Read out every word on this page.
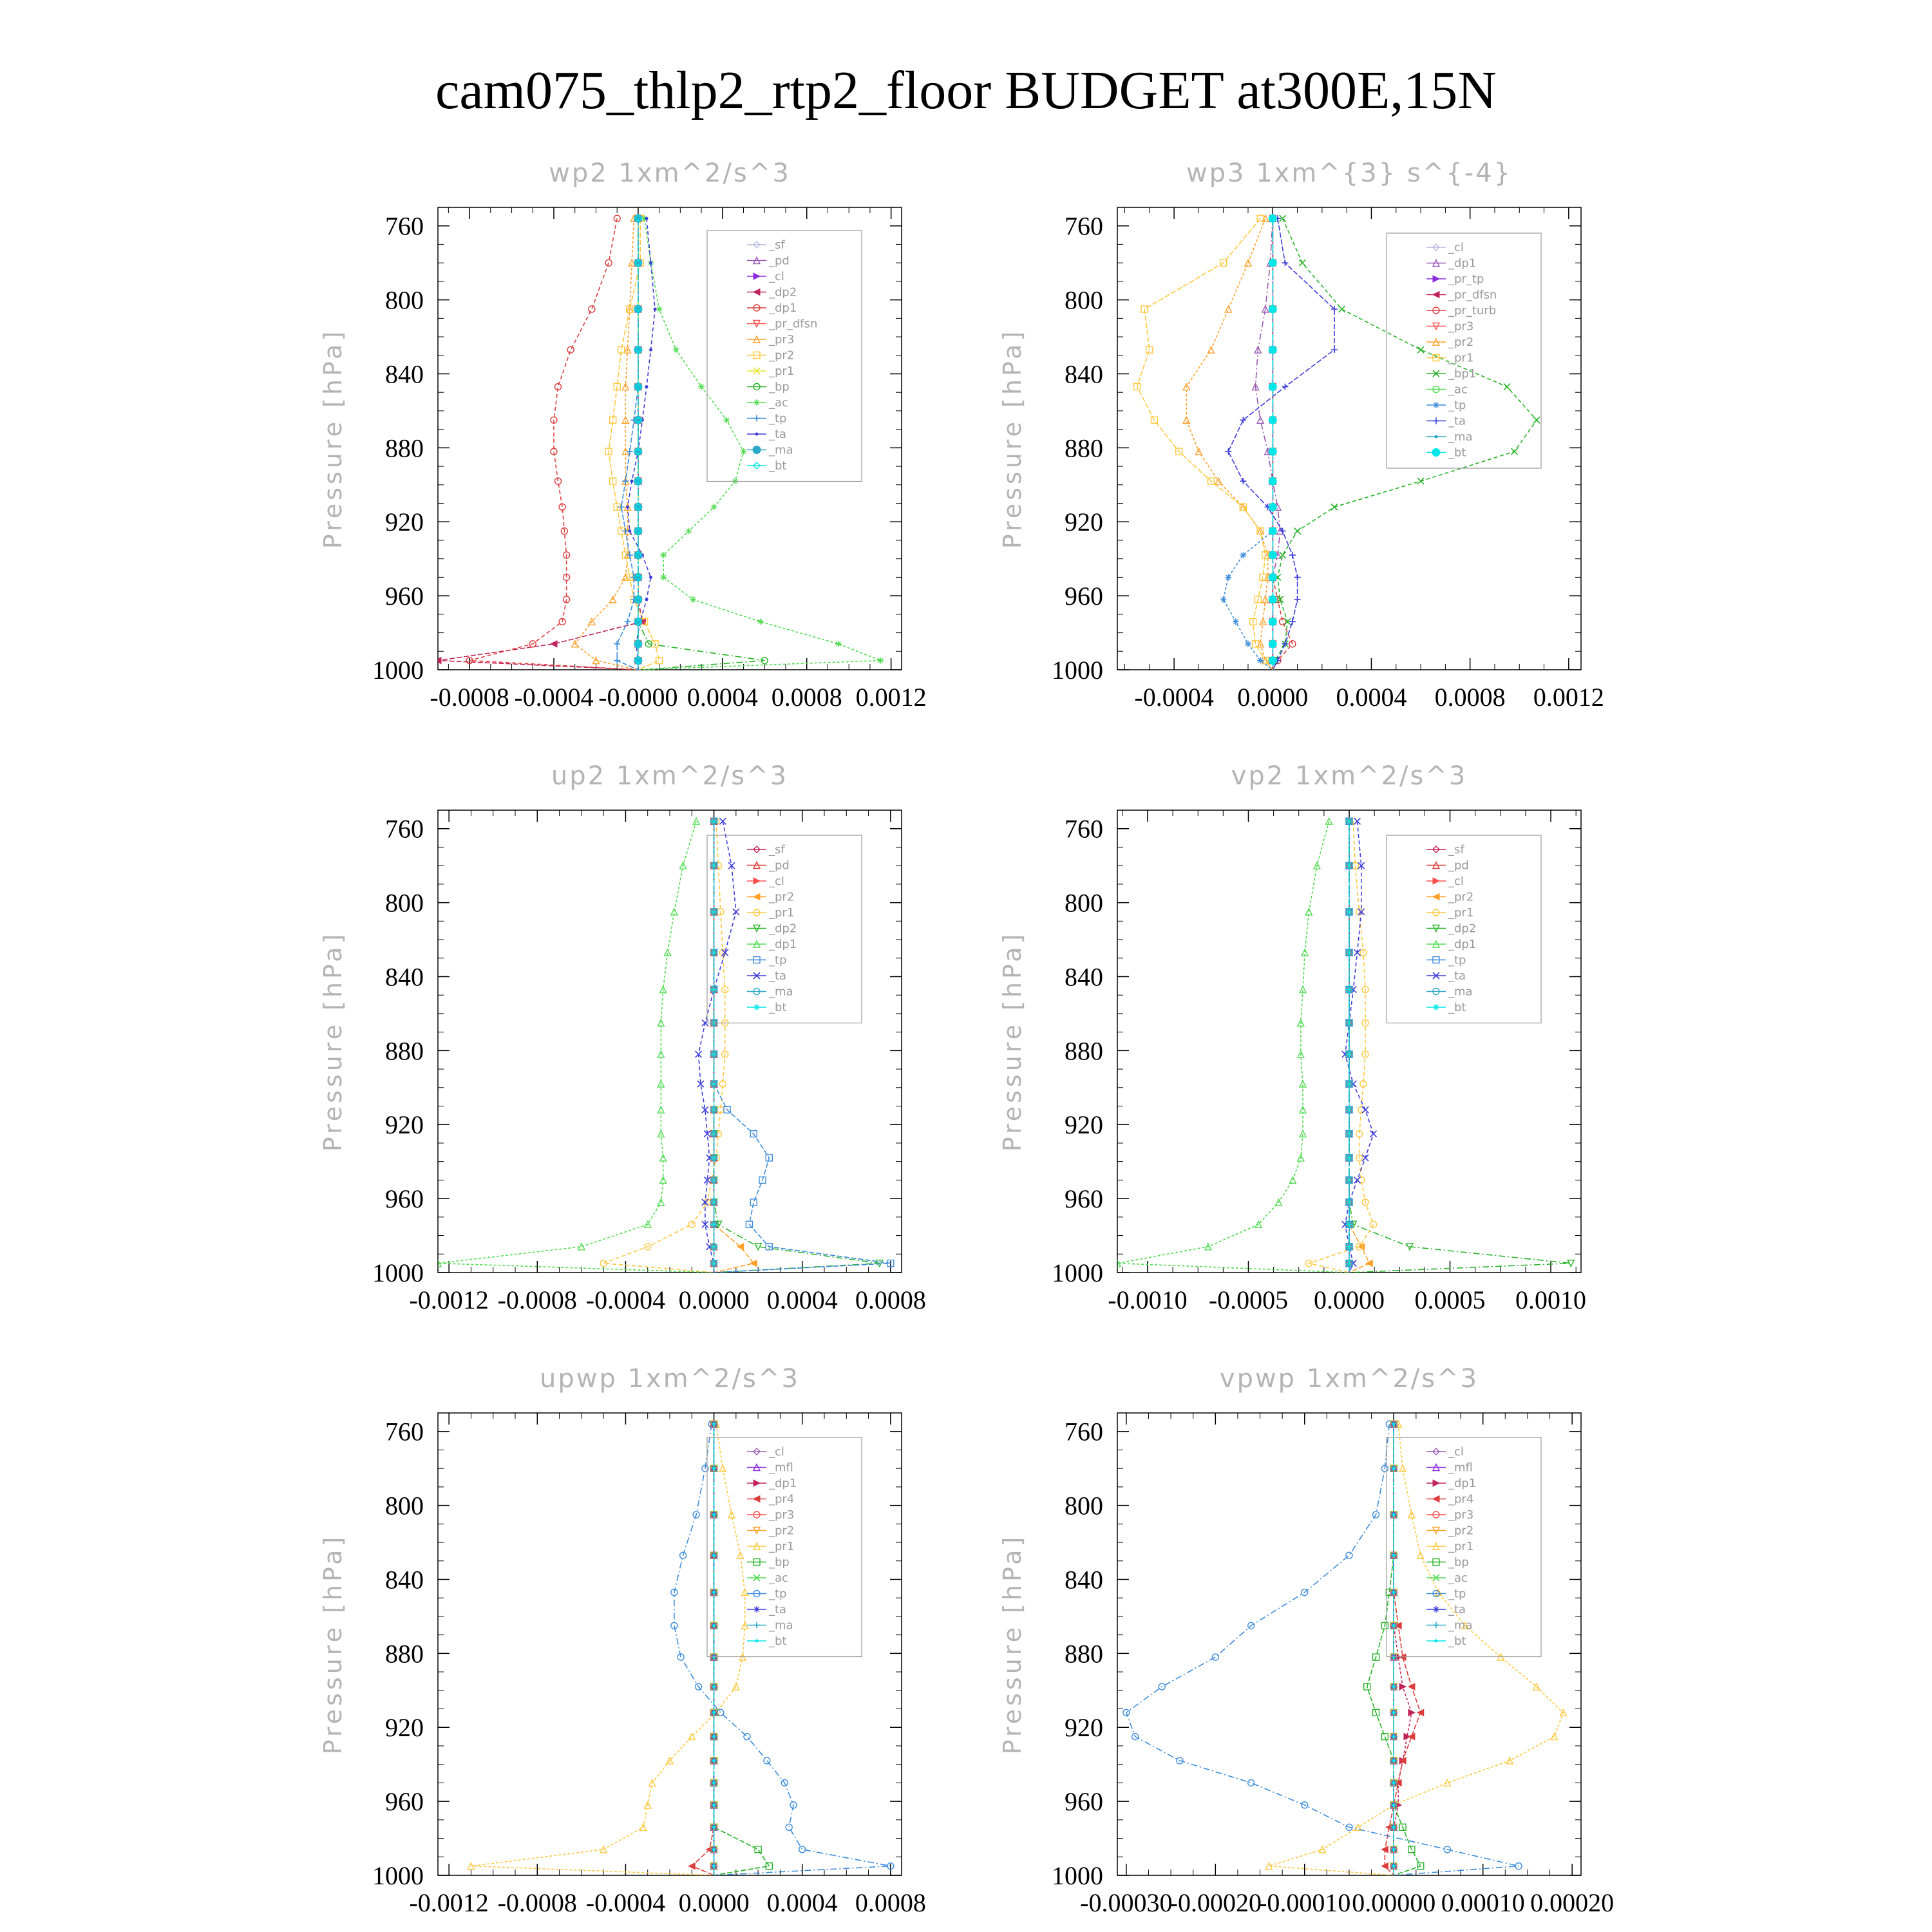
cam075_thlp2_rtp2_floor BUDGET at300E,15N
wp2 1xm^2/s^3
Pressure [hPa]
760
800
840
880
920
960
1000
-0.0008 -0.0004 -0.0000 0.0004 0.0008 0.0012
_sf
_pd
_cl
_dp2
_dp1
_pr_dfsn
_pr3
_pr2
_pr1
_bp
_ac
_tp
_ta
_ma
_bt
wp3 1xm^{3} s^{-4}
Pressure [hPa]
760
800
840
880
920
960
1000
-0.0004 0.0000 0.0004 0.0008 0.0012
_cl
_dp1
_pr_tp
_pr_dfsn
_pr_turb
_pr3
_pr2
_pr1
_bp1
_ac
_tp
_ta
_ma
_bt
up2 1xm^2/s^3
Pressure [hPa]
760
800
840
880
920
960
1000
-0.0012 -0.0008 -0.0004 0.0000 0.0004 0.0008
_sf
_pd
_cl
_pr2
_pr1
_dp2
_dp1
_tp
_ta
_ma
_bt
vp2 1xm^2/s^3
Pressure [hPa]
760
800
840
880
920
960
1000
-0.0010 -0.0005 0.0000 0.0005 0.0010
_sf
_pd
_cl
_pr2
_pr1
_dp2
_dp1
_tp
_ta
_ma
_bt
upwp 1xm^2/s^3
Pressure [hPa]
760
800
840
880
920
960
1000
-0.0012 -0.0008 -0.0004 0.0000 0.0004 0.0008
_cl
_mfl
_dp1
_pr4
_pr3
_pr2
_pr1
_bp
_ac
_tp
_ta
_ma
_bt
vpwp 1xm^2/s^3
Pressure [hPa]
760
800
840
880
920
960
1000
-0.00030
-0.00020
-0.00010 0.00000 0.00010 0.00020
_cl
_mfl
_dp1
_pr4
_pr3
_pr2
_pr1
_bp
_ac
_tp
_ta
_ma
_bt
